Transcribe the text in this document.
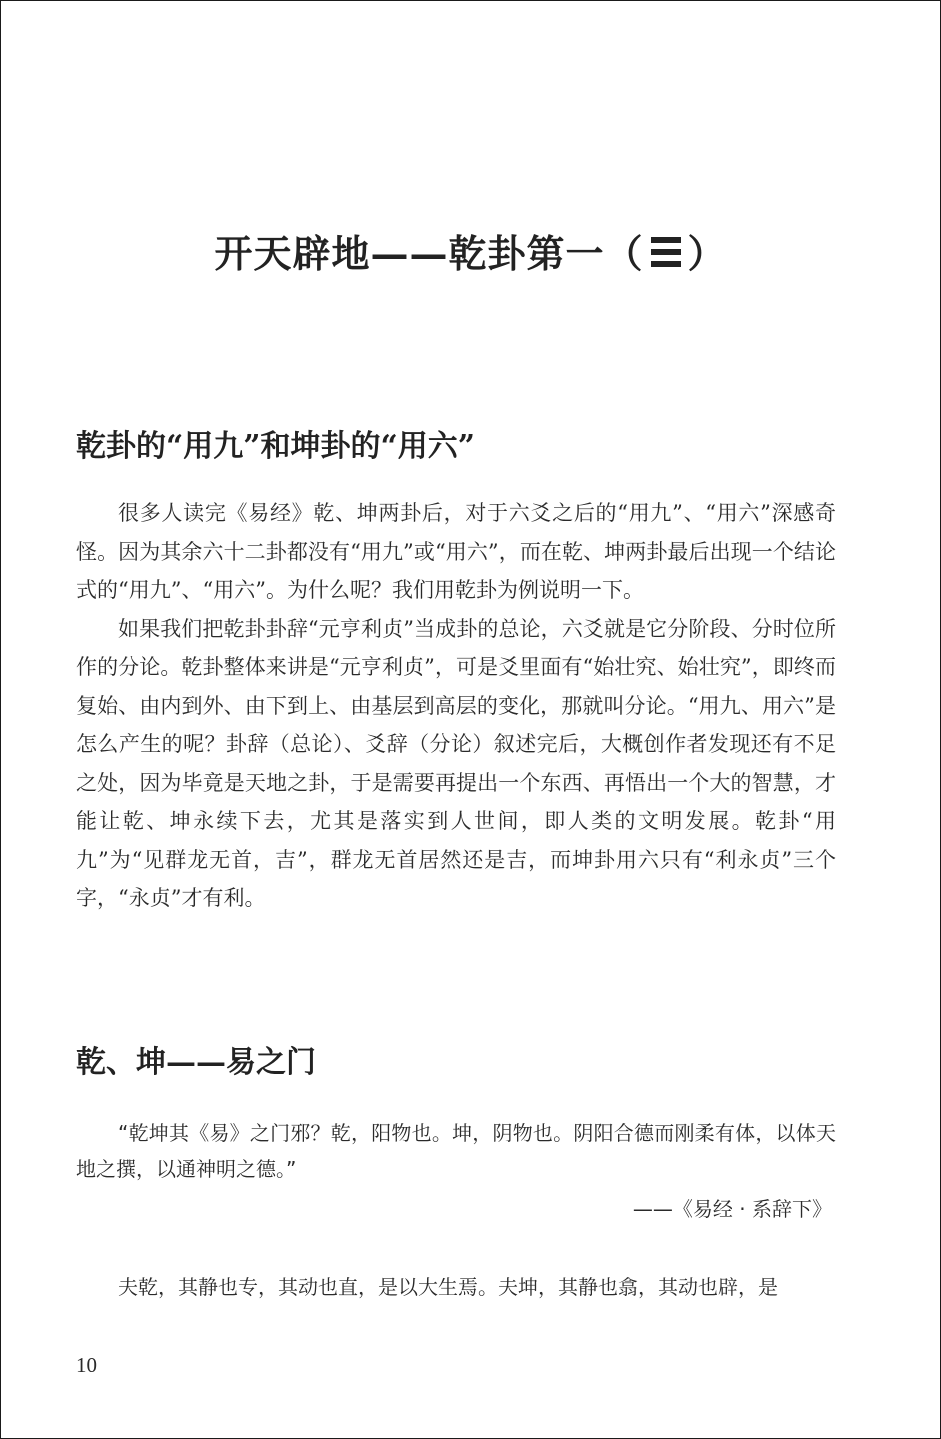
开天辟地——乾卦第一（ ）
乾卦的“用九”和坤卦的“用六”

很多人读完《易经》乾、坤两卦后，对于六爻之后的“用九”、“用六”深感奇怪。因为其余六十二卦都没有“用九”或“用六”，而在乾、坤两卦最后出现一个结论式的“用九”、“用六”。为什么呢？我们用乾卦为例说明一下。

如果我们把乾卦卦辞“元亨利贞”当成卦的总论，六爻就是它分阶段、分时位所作的分论。乾卦整体来讲是“元亨利贞”，可是爻里面有“始壮究、始壮究”，即终而复始、由内到外、由下到上、由基层到高层的变化，那就叫分论。“用九、用六”是怎么产生的呢？卦辞（总论）、爻辞（分论）叙述完后，大概创作者发现还有不足之处，因为毕竟是天地之卦，于是需要再提出一个东西、再悟出一个大的智慧，才能让乾、坤永续下去，尤其是落实到人世间，即人类的文明发展。乾卦“用九”为“见群龙无首，吉”，群龙无首居然还是吉，而坤卦用六只有“利永贞”三个字，“永贞”才有利。

乾、坤——易之门
“乾坤其《易》之门邪？乾，阳物也。坤，阴物也。阴阳合德而刚柔有体，以体天地之撰，以通神明之德。”
——《易经 · 系辞下》
夫乾，其静也专，其动也直，是以大生焉。夫坤，其静也翕，其动也辟，是
10
